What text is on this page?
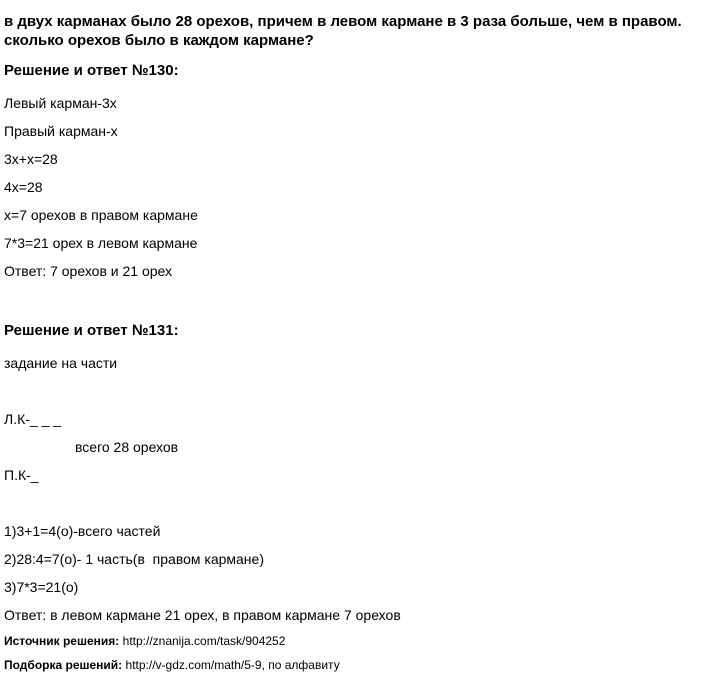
в двух карманах было 28 орехов, причем в левом кармане в 3 раза больше, чем в правом. сколько орехов было в каждом кармане?
Решение и ответ №130:
Левый карман-3х
Правый карман-х
3х+х=28
4х=28
х=7 орехов в правом кармане
7*3=21 орех в левом кармане
Ответ: 7 орехов и 21 орех
Решение и ответ №131:
задание на части
Л.К-_ _ _
всего 28 орехов
П.К-_
1)3+1=4(о)-всего частей
2)28:4=7(о)- 1 часть(в  правом кармане)
3)7*3=21(о)
Ответ: в левом кармане 21 орех, в правом кармане 7 орехов
Источник решения: http://znanija.com/task/904252
Подборка решений: http://v-gdz.com/math/5-9, по алфавиту
